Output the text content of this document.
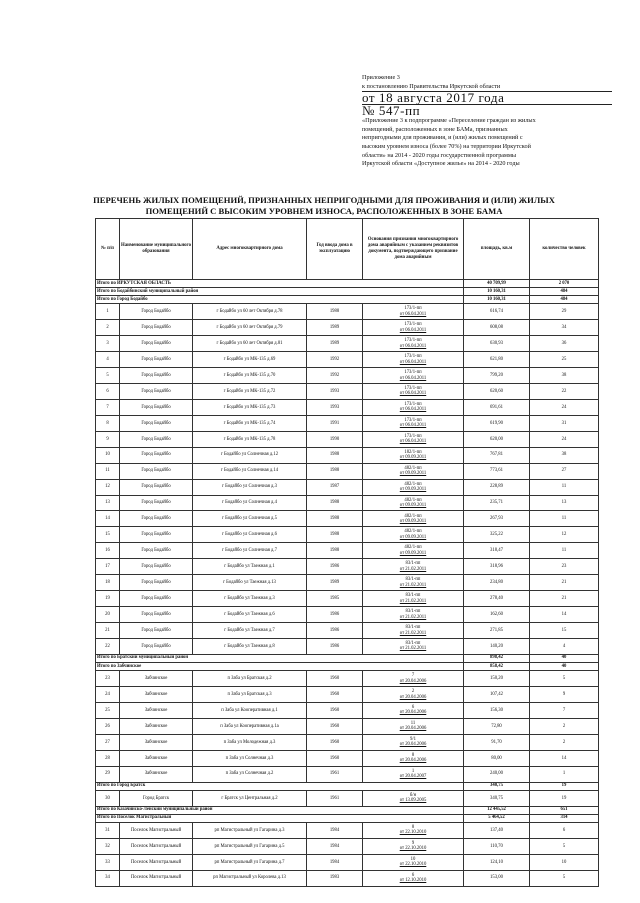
Приложение 3
к постановлению Правительства Иркутской области
от 18 августа 2017 года
№ 547-пп
«Приложение 3 к подпрограмме «Переселение граждан из жилых
помещений, расположенных в зоне БАМа, признанных
непригодными для проживания, и (или) жилых помещений с
высоким уровнем износа (более 70%) на территории Иркутской
области» на 2014 - 2020 годы государственной программы
Иркутской области «Доступное жилье» на 2014 - 2020 годы
ПЕРЕЧЕНЬ ЖИЛЫХ ПОМЕЩЕНИЙ, ПРИЗНАННЫХ НЕПРИГОДНЫМИ ДЛЯ ПРОЖИВАНИЯ И (ИЛИ) ЖИЛЫХ ПОМЕЩЕНИЙ С ВЫСОКИМ УРОВНЕМ ИЗНОСА, РАСПОЛОЖЕННЫХ В ЗОНЕ БАМА
№ п/п	Наименование муниципального образования	Адрес многоквартирного дома	Год ввода дома в эксплуатацию	Основания признания многоквартирного дома аварийным с указанием реквизитов документа, подтверждающего признание дома аварийным	площадь, кв.м	количество человек
Итого по ИРКУТСКАЯ ОБЛАСТЬ					40 709,99	2 070
Итого по Бодайбинский муниципальный район					10 160,31	484
Итого по Город Бодайбо					10 160,31	484
1	Город Бодайбо	г Бодайбо ул 60 лет Октября д.78	1988	173/1-пп
от 06.04.2011	616,74	29
2	Город Бодайбо	г Бодайбо ул 60 лет Октября д.79	1989	173/1-пп
от 06.04.2011	608,08	34
3	Город Бодайбо	г Бодайбо ул 60 лет Октября д.81	1989	173/1-пп
от 06.04.2011	630,93	36
4	Город Бодайбо	г Бодайбо ул МК-135 д.69	1992	173/1-пп
от 06.04.2011	621,80	25
5	Город Бодайбо	г Бодайбо ул МК-135 д.70	1992	173/1-пп
от 06.04.2011	799,20	38
6	Город Бодайбо	г Бодайбо ул МК-135 д.72	1993	173/1-пп
от 06.04.2011	620,60	22
7	Город Бодайбо	г Бодайбо ул МК-135 д.73	1993	173/1-пп
от 06.04.2011	691,61	24
8	Город Бодайбо	г Бодайбо ул МК-135 д.74	1991	173/1-пп
от 06.04.2011	619,90	31
9	Город Бодайбо	г Бодайбо ул МК-135 д.78	1990	173/1-пп
от 06.04.2011	620,00	24
10	Город Бодайбо	г Бодайбо ул Солнечная д.12	1988	182/1-пп
от 09.09.2011	767,81	38
11	Город Бодайбо	г Бодайбо ул Солнечная д.14	1988	482/1-пп
от 09.09.2011	773,61	27
12	Город Бодайбо	г Бодайбо ул Солнечная д.3	1987	482/1-пп
от 09.09.2011	228,89	11
13	Город Бодайбо	г Бодайбо ул Солнечная д.4	1988	482/1-пп
от 09.09.2011	235,71	13
14	Город Бодайбо	г Бодайбо ул Солнечная д.5	1988	482/1-пп
от 09.09.2011	267,93	11
15	Город Бодайбо	г Бодайбо ул Солнечная д.6	1988	482/1-пп
от 09.09.2011	325,22	12
16	Город Бодайбо	г Бодайбо ул Солнечная д.7	1988	482/1-пп
от 09.09.2011	318,47	11
17	Город Бодайбо	г Бодайбо ул Таежная д.1	1986	83/1-пп
от 21.02.2011	318,96	23
18	Город Бодайбо	г Бодайбо ул Таежная д.13	1989	83/1-пп
от 21.02.2011	234,80	21
19	Город Бодайбо	г Бодайбо ул Таежная д.3	1985	83/1-пп
от 21.02.2011	278,40	21
20	Город Бодайбо	г Бодайбо ул Таежная д.6	1986	83/1-пп
от 21.02.2011	162,60	14
21	Город Бодайбо	г Бодайбо ул Таежная д.7	1986	83/1-пп
от 21.02.2011	271,85	15
22	Город Бодайбо	г Бодайбо ул Таежная д.8	1986	83/1-пп
от 21.02.2011	140,20	4
Итого по Братский муниципальный район					898,42	40
Итого по Забчинское					858,42	40
23	Забчинское	п Заба ул Братская д.2	1960	7
от 20.04.2006	150,20	5
24	Забчинское	п Заба ул Братская д.3	1960	2
от 20.04.2006	107,42	9
25	Забчинское	п Заба ул Кооперативная д.1	1960	6
от 20.04.2006	156,30	7
26	Забчинское	п Заба ул Кооперативная д.1а	1960	11
от 20.04.2006	72,80	2
27	Забчинское	п Заба ул Молодежная д.3	1960	9/1
от 20.04.2006	91,70	2
28	Забчинское	п Заба ул Солнечная д.3	1960	8
от 20.04.2006	80,00	14
29	Забчинское	п Заба ул Солнечная д.2	1961	1
от 20.04.2007	240,00	1
Итого по Город Братск					340,75	19
30	Город Братск	г Братск ул Центральная д.2	1961	б/н
от 13.09.2005	340,75	19
Итого по Казачинско-Ленский муниципальный район					12 445,52	651
Итого по Поселок Магистральный					5 464,52	314
31	Поселок Магистральный	рп Магистральный ул Гагарина д.3	1984	8
от 22.10.2010	137,40	6
32	Поселок Магистральный	рп Магистральный ул Гагарина д.5	1984	9
от 22.10.2010	110,70	5
33	Поселок Магистральный	рп Магистральный ул Гагарина д.7	1984	10
от 22.10.2010	124,10	10
34	Поселок Магистральный	рп Магистральный ул Королева д.13	1983	6
от 12.10.2010	153,00	5
